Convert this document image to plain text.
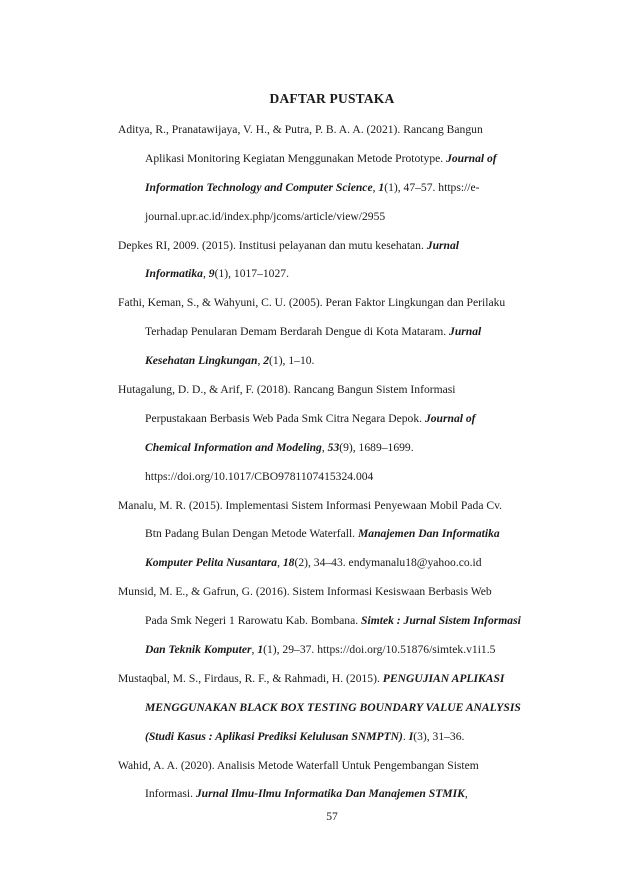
DAFTAR PUSTAKA
Aditya, R., Pranatawijaya, V. H., & Putra, P. B. A. A. (2021). Rancang Bangun
Aplikasi Monitoring Kegiatan Menggunakan Metode Prototype. Journal of
Information Technology and Computer Science, 1(1), 47–57. https://e-
journal.upr.ac.id/index.php/jcoms/article/view/2955
Depkes RI, 2009. (2015). Institusi pelayanan dan mutu kesehatan. Jurnal
Informatika, 9(1), 1017–1027.
Fathi, Keman, S., & Wahyuni, C. U. (2005). Peran Faktor Lingkungan dan Perilaku
Terhadap Penularan Demam Berdarah Dengue di Kota Mataram. Jurnal
Kesehatan Lingkungan, 2(1), 1–10.
Hutagalung, D. D., & Arif, F. (2018). Rancang Bangun Sistem Informasi
Perpustakaan Berbasis Web Pada Smk Citra Negara Depok. Journal of
Chemical Information and Modeling, 53(9), 1689–1699.
https://doi.org/10.1017/CBO9781107415324.004
Manalu, M. R. (2015). Implementasi Sistem Informasi Penyewaan Mobil Pada Cv.
Btn Padang Bulan Dengan Metode Waterfall. Manajemen Dan Informatika
Komputer Pelita Nusantara, 18(2), 34–43. endymanalu18@yahoo.co.id
Munsid, M. E., & Gafrun, G. (2016). Sistem Informasi Kesiswaan Berbasis Web
Pada Smk Negeri 1 Rarowatu Kab. Bombana. Simtek : Jurnal Sistem Informasi
Dan Teknik Komputer, 1(1), 29–37. https://doi.org/10.51876/simtek.v1i1.5
Mustaqbal, M. S., Firdaus, R. F., & Rahmadi, H. (2015). PENGUJIAN APLIKASI
MENGGUNAKAN BLACK BOX TESTING BOUNDARY VALUE ANALYSIS
(Studi Kasus : Aplikasi Prediksi Kelulusan SNMPTN). I(3), 31–36.
Wahid, A. A. (2020). Analisis Metode Waterfall Untuk Pengembangan Sistem
Informasi. Jurnal Ilmu-Ilmu Informatika Dan Manajemen STMIK,
57
